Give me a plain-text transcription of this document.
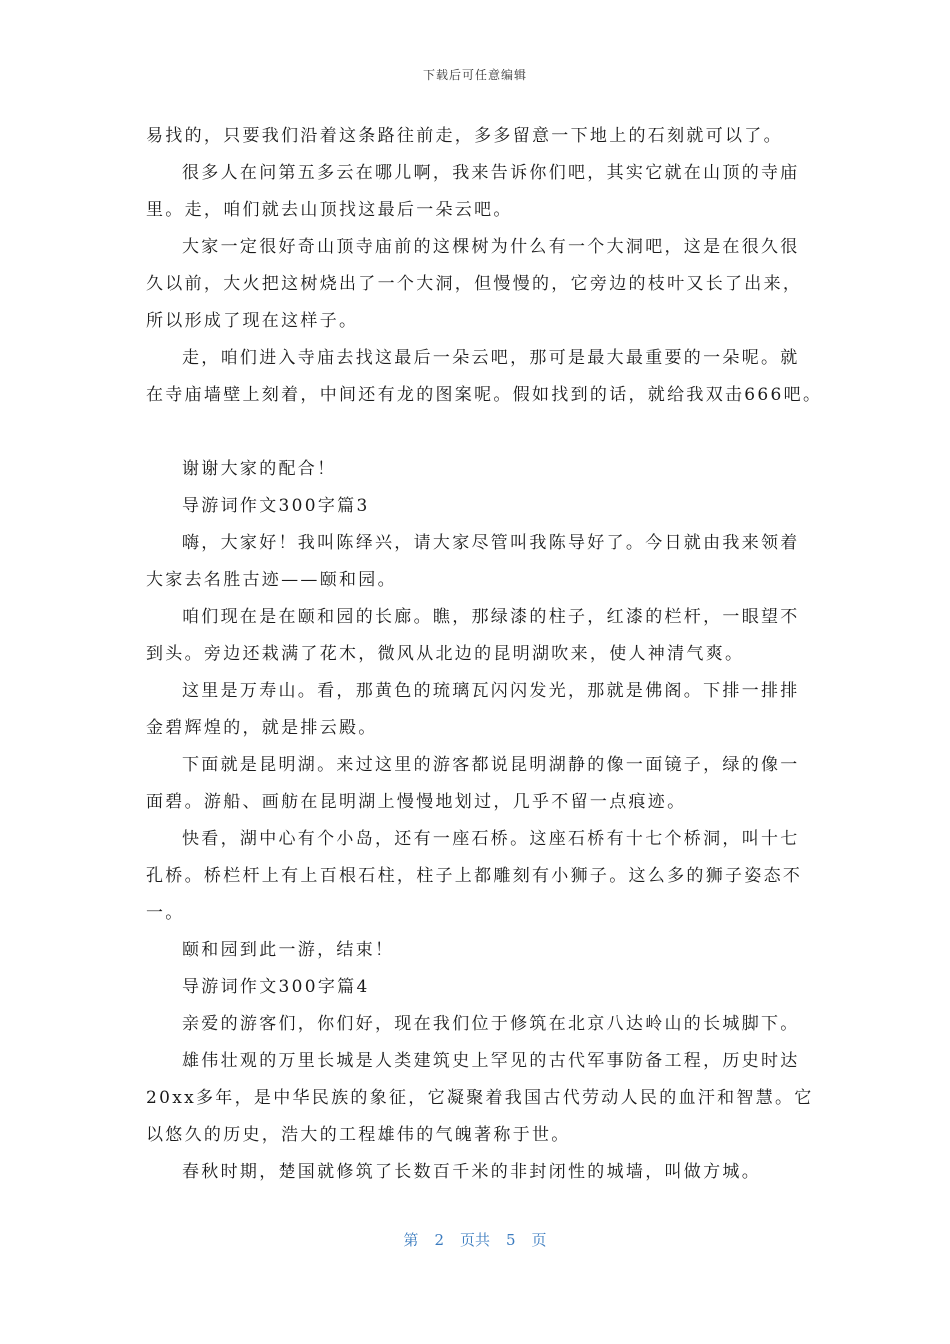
下载后可任意编辑
易找的，只要我们沿着这条路往前走，多多留意一下地上的石刻就可以了。
很多人在问第五多云在哪儿啊，我来告诉你们吧，其实它就在山顶的寺庙
里。走，咱们就去山顶找这最后一朵云吧。
大家一定很好奇山顶寺庙前的这棵树为什么有一个大洞吧，这是在很久很
久以前，大火把这树烧出了一个大洞，但慢慢的，它旁边的枝叶又长了出来，
所以形成了现在这样子。
走，咱们进入寺庙去找这最后一朵云吧，那可是最大最重要的一朵呢。就
在寺庙墙壁上刻着，中间还有龙的图案呢。假如找到的话，就给我双击666吧。
谢谢大家的配合！
导游词作文300字篇3
嗨，大家好！我叫陈绎兴，请大家尽管叫我陈导好了。今日就由我来领着
大家去名胜古迹——颐和园。
咱们现在是在颐和园的长廊。瞧，那绿漆的柱子，红漆的栏杆，一眼望不
到头。旁边还栽满了花木，微风从北边的昆明湖吹来，使人神清气爽。
这里是万寿山。看，那黄色的琉璃瓦闪闪发光，那就是佛阁。下排一排排
金碧辉煌的，就是排云殿。
下面就是昆明湖。来过这里的游客都说昆明湖静的像一面镜子，绿的像一
面碧。游船、画舫在昆明湖上慢慢地划过，几乎不留一点痕迹。
快看，湖中心有个小岛，还有一座石桥。这座石桥有十七个桥洞，叫十七
孔桥。桥栏杆上有上百根石柱，柱子上都雕刻有小狮子。这么多的狮子姿态不
一。
颐和园到此一游，结束！
导游词作文300字篇4
亲爱的游客们，你们好，现在我们位于修筑在北京八达岭山的长城脚下。
雄伟壮观的万里长城是人类建筑史上罕见的古代军事防备工程，历史时达
20xx多年，是中华民族的象征，它凝聚着我国古代劳动人民的血汗和智慧。它
以悠久的历史，浩大的工程雄伟的气魄著称于世。
春秋时期，楚国就修筑了长数百千米的非封闭性的城墙，叫做方城。
第 2 页共 5 页
